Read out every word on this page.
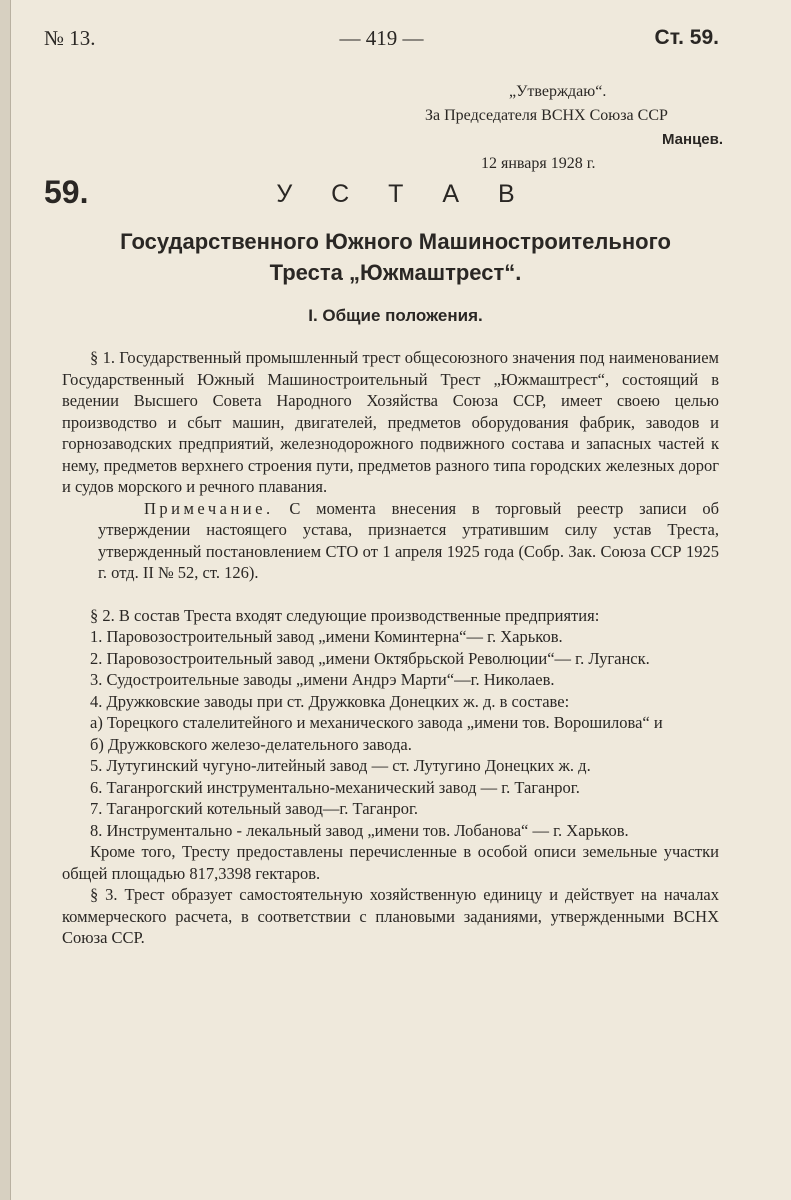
№ 13.	— 419 —	Ст. 59.
„Утверждаю“.
За Председателя ВСНХ Союза ССР
Манцев.
12 января 1928 г.
59.	У С Т А В
Государственного Южного Машиностроительного
Треста „Южмаштрест“.
I. Общие положения.

§ 1. Государственный промышленный трест общесоюзного значения под наименованием Государственный Южный Машиностроительный Трест „Южмаштрест“, состоящий в ведении Высшего Совета Народного Хозяйства Союза ССР, имеет своею целью производство и сбыт машин, двигателей, предметов оборудования фабрик, заводов и горнозаводских предприятий, железнодорожного подвижного состава и запасных частей к нему, предметов верхнего строения пути, предметов разного типа городских железных дорог и судов морского и речного плавания.

Примечание. С момента внесения в торговый реестр записи об утверждении настоящего устава, признается утратившим силу устав Треста, утвержденный постановлением СТО от 1 апреля 1925 года (Собр. Зак. Союза ССР 1925 г. отд. II № 52, ст. 126).

§ 2. В состав Треста входят следующие производственные предприятия:

1. Паровозостроительный завод „имени Коминтерна“— г. Харьков.

2. Паровозостроительный завод „имени Октябрьской Революции“— г. Луганск.

3. Судостроительные заводы „имени Андрэ Марти“—г. Николаев.

4. Дружковские заводы при ст. Дружковка Донецких ж. д. в составе:

а) Торецкого сталелитейного и механического завода „имени тов. Ворошилова“ и

б) Дружковского железо-делательного завода.

5. Лутугинский чугуно-литейный завод — ст. Лутугино Донецких ж. д.

6. Таганрогский инструментально-механический завод — г. Таганрог.

7. Таганрогский котельный завод—г. Таганрог.

8. Инструментально - лекальный завод „имени тов. Лобанова“ — г. Харьков.

Кроме того, Тресту предоставлены перечисленные в особой описи земельные участки общей площадью 817,3398 гектаров.

§ 3. Трест образует самостоятельную хозяйственную единицу и действует на началах коммерческого расчета, в соответствии с плановыми заданиями, утвержденными ВСНХ Союза ССР.
